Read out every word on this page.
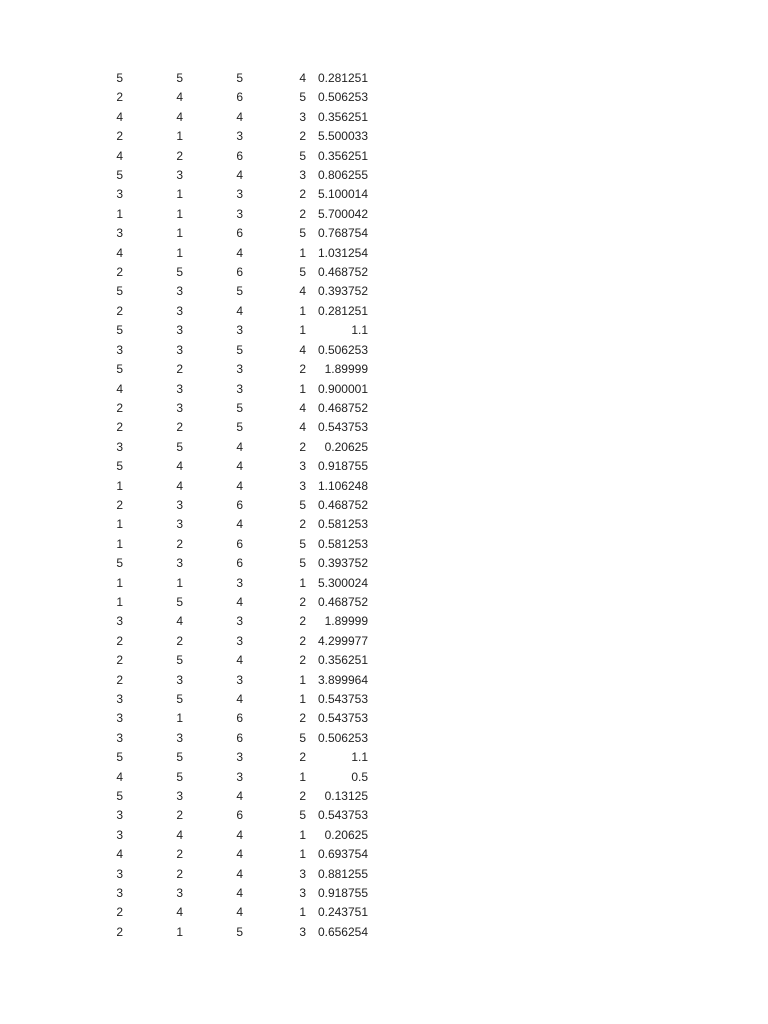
5	5	5	4	0.281251
2	4	6	5	0.506253
4	4	4	3	0.356251
2	1	3	2	5.500033
4	2	6	5	0.356251
5	3	4	3	0.806255
3	1	3	2	5.100014
1	1	3	2	5.700042
3	1	6	5	0.768754
4	1	4	1	1.031254
2	5	6	5	0.468752
5	3	5	4	0.393752
2	3	4	1	0.281251
5	3	3	1	1.1
3	3	5	4	0.506253
5	2	3	2	1.89999
4	3	3	1	0.900001
2	3	5	4	0.468752
2	2	5	4	0.543753
3	5	4	2	0.20625
5	4	4	3	0.918755
1	4	4	3	1.106248
2	3	6	5	0.468752
1	3	4	2	0.581253
1	2	6	5	0.581253
5	3	6	5	0.393752
1	1	3	1	5.300024
1	5	4	2	0.468752
3	4	3	2	1.89999
2	2	3	2	4.299977
2	5	4	2	0.356251
2	3	3	1	3.899964
3	5	4	1	0.543753
3	1	6	2	0.543753
3	3	6	5	0.506253
5	5	3	2	1.1
4	5	3	1	0.5
5	3	4	2	0.13125
3	2	6	5	0.543753
3	4	4	1	0.20625
4	2	4	1	0.693754
3	2	4	3	0.881255
3	3	4	3	0.918755
2	4	4	1	0.243751
2	1	5	3	0.656254
